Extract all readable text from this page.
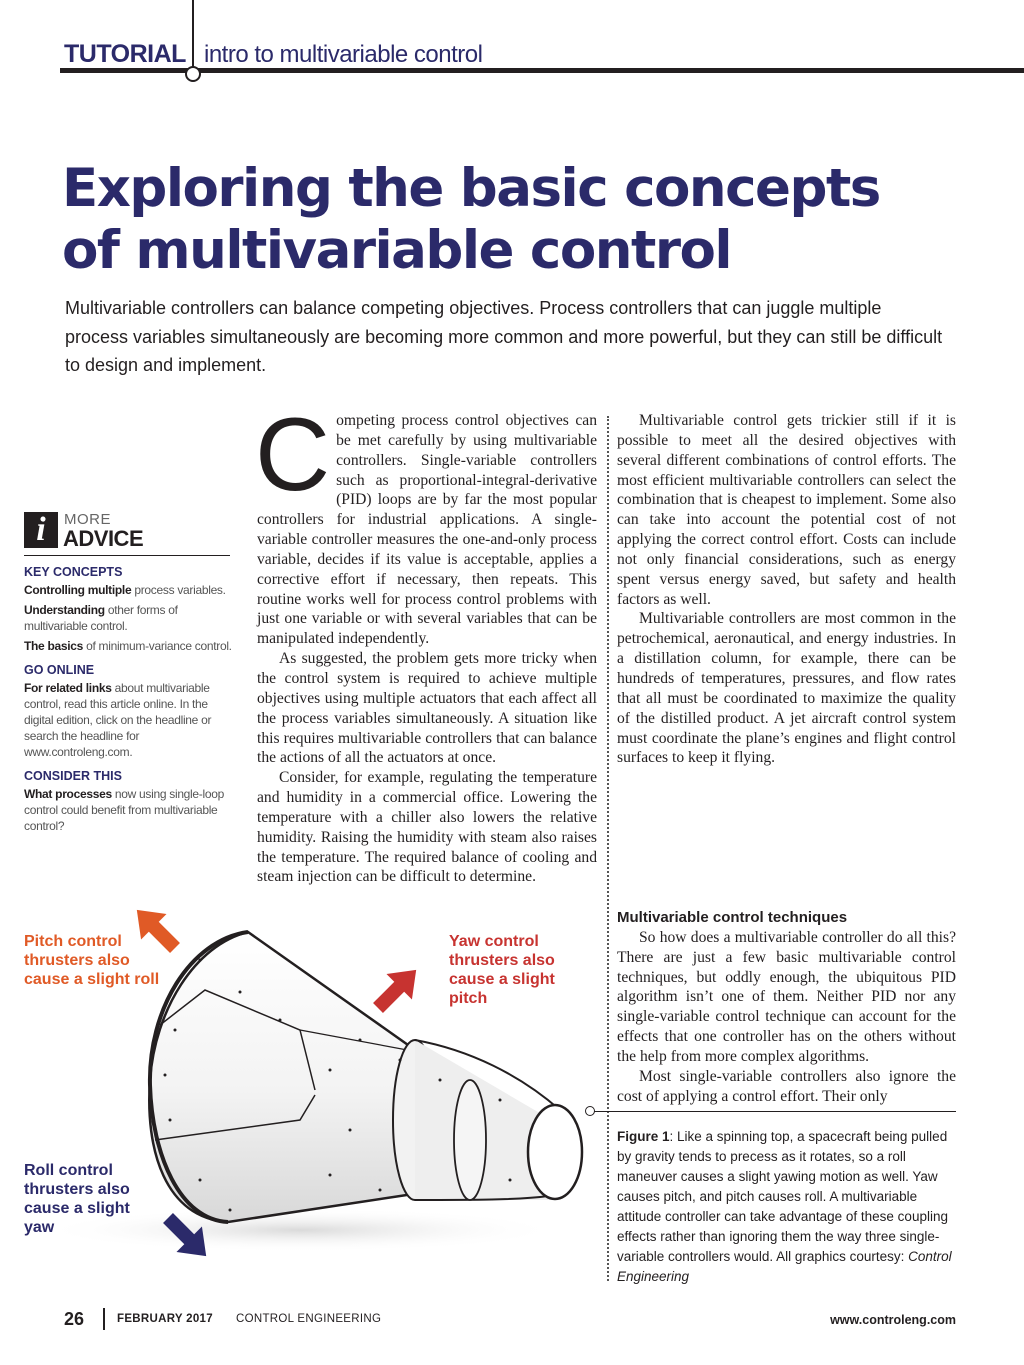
TUTORIAL intro to multivariable control
Exploring the basic concepts
of multivariable control

Multivariable controllers can balance competing objectives. Process controllers that can juggle multiple process variables simultaneously are becoming more common and more powerful, but they can still be difficult to design and implement.

Competing process control objectives can be met carefully by using multivariable controllers. Single-variable controllers such as proportional-integral-derivative (PID) loops are by far the most popular controllers for industrial applications. A single-variable controller measures the one-and-only process variable, decides if its value is acceptable, applies a corrective effort if necessary, then repeats. This routine works well for process control problems with just one variable or with several variables that can be manipulated independently.

As suggested, the problem gets more tricky when the control system is required to achieve multiple objectives using multiple actuators that each affect all the process variables simultaneously. A situation like this requires multivariable controllers that can balance the actions of all the actuators at once.

Consider, for example, regulating the temperature and humidity in a commercial office. Lowering the temperature with a chiller also lowers the relative humidity. Raising the humidity with steam also raises the temperature. The required balance of cooling and steam injection can be difficult to determine.

Multivariable control gets trickier still if it is possible to meet all the desired objectives with several different combinations of control efforts. The most efficient multivariable controllers can select the combination that is cheapest to implement. Some also can take into account the potential cost of not applying the correct control effort. Costs can include not only financial considerations, such as energy spent versus energy saved, but safety and health factors as well.

Multivariable controllers are most common in the petrochemical, aeronautical, and energy industries. In a distillation column, for example, there can be hundreds of temperatures, pressures, and flow rates that all must be coordinated to maximize the quality of the distilled product. A jet aircraft control system must coordinate the plane’s engines and flight control surfaces to keep it flying.

Multivariable control techniques

So how does a multivariable controller do all this? There are just a few basic multivariable control techniques, but oddly enough, the ubiquitous PID algorithm isn’t one of them. Neither PID nor any single-variable control technique can account for the effects that one controller has on the others without the help from more complex algorithms.

Most single-variable controllers also ignore the cost of applying a control effort. Their only

i	MORE
ADVICE
KEY CONCEPTS
Controlling multiple process variables.
Understanding other forms of multivariable control.
The basics of minimum-variance control.
GO ONLINE
For related links about multivariable control, read this article online. In the digital edition, click on the headline or search the headline for www.controleng.com.
CONSIDER THIS
What processes now using single-loop control could benefit from multivariable control?
Pitch control thrusters also cause a slight roll
Yaw control thrusters also cause a slight pitch
Roll control thrusters also cause a slight yaw

Figure 1: Like a spinning top, a spacecraft being pulled by gravity tends to precess as it rotates, so a roll maneuver causes a slight yawing motion as well. Yaw causes pitch, and pitch causes roll. A multivariable attitude controller can take advantage of these coupling effects rather than ignoring them the way three single-variable controllers would. All graphics courtesy: Control Engineering

26	FEBRUARY 2017 CONTROL ENGINEERING	www.controleng.com
